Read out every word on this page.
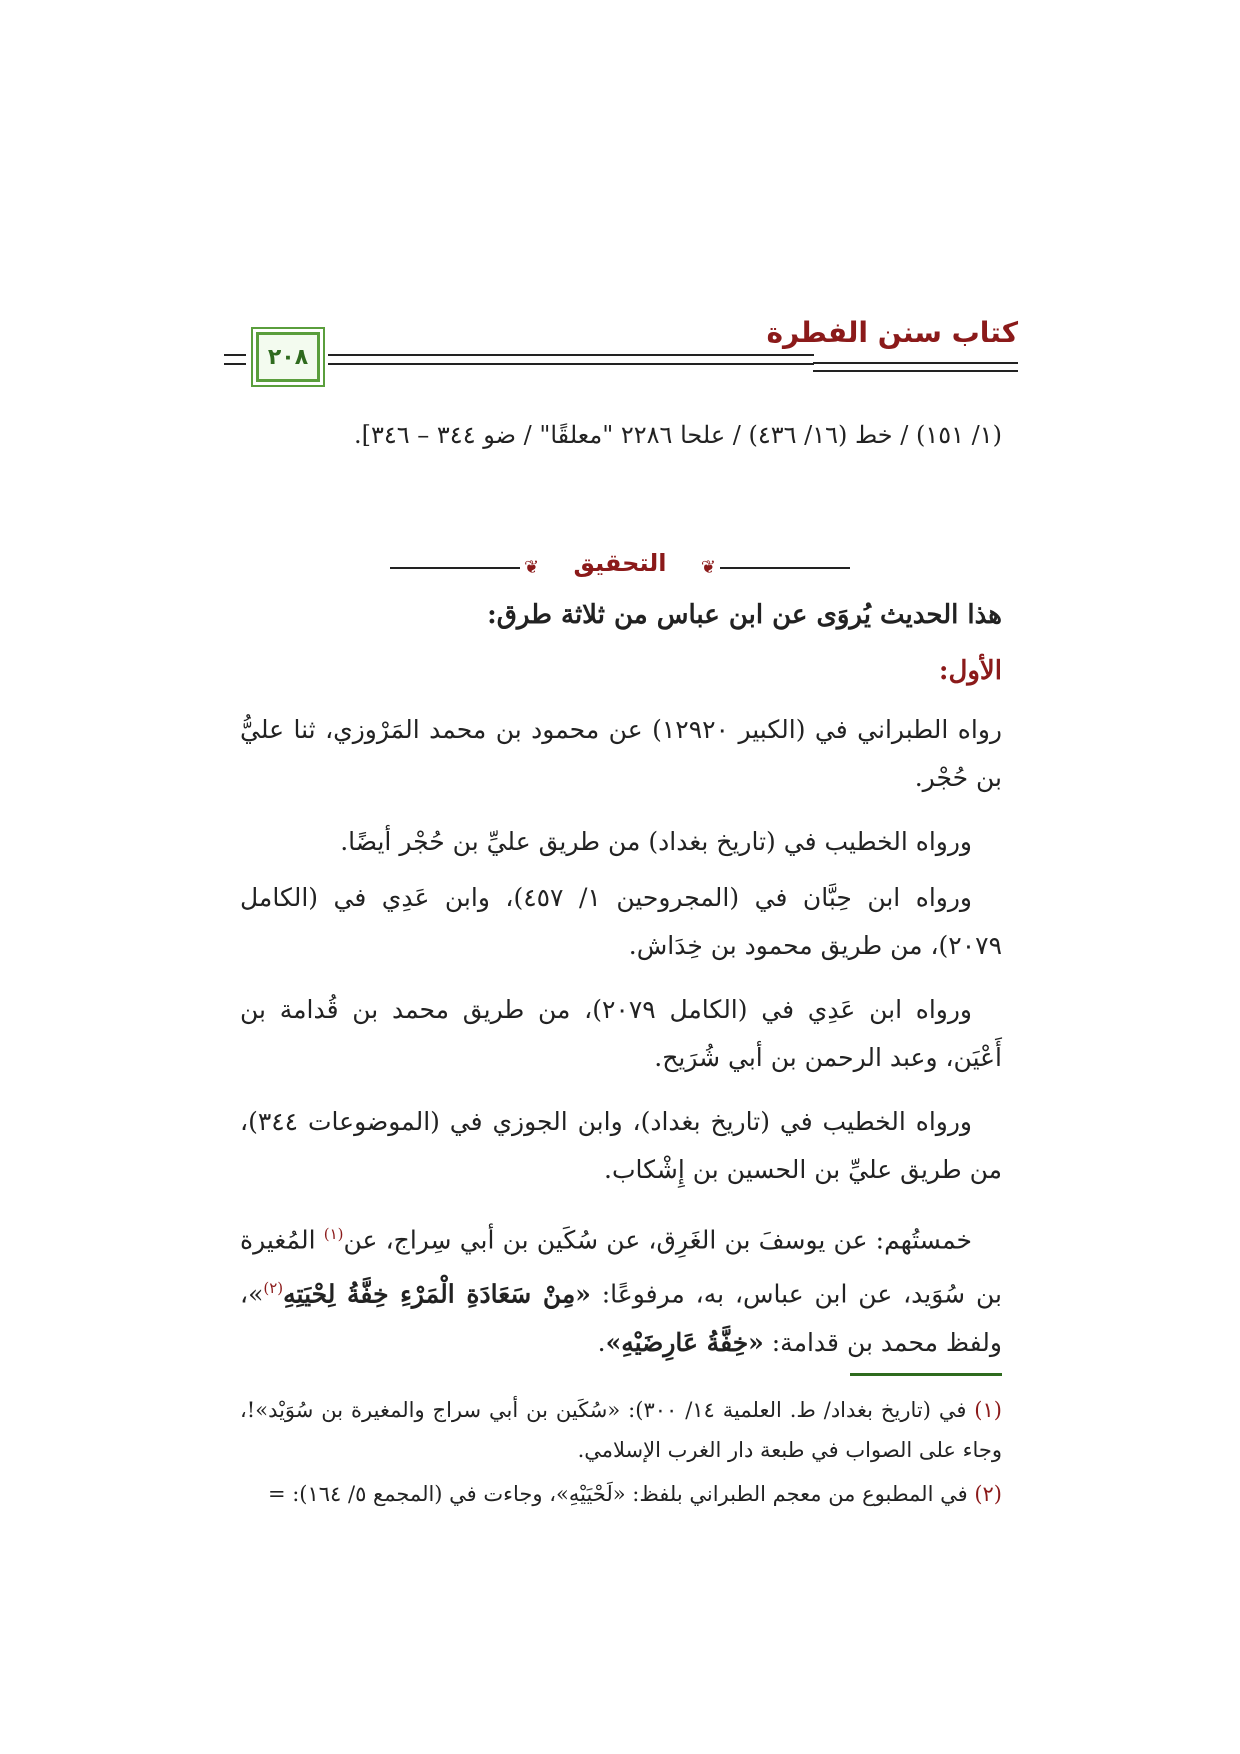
٢٠٨
كتاب سنن الفطرة
(١/ ١٥١) / خط (١٦/ ٤٣٦) / علحا ٢٢٨٦ "معلقًا" / ضو ٣٤٤ – ٣٤٦].
❦	التحقيق	❦
هذا الحديث يُروَى عن ابن عباس من ثلاثة طرق:
الأول:
رواه الطبراني في (الكبير ١٢٩٢٠) عن محمود بن محمد المَرْوزي، ثنا عليُّ بن حُجْر.
ورواه الخطيب في (تاريخ بغداد) من طريق عليِّ بن حُجْر أيضًا.
ورواه ابن حِبَّان في (المجروحين ١/ ٤٥٧)، وابن عَدِي في (الكامل ٢٠٧٩)، من طريق محمود بن خِدَاش.
ورواه ابن عَدِي في (الكامل ٢٠٧٩)، من طريق محمد بن قُدامة بن أَعْيَن، وعبد الرحمن بن أبي شُرَيح.
ورواه الخطيب في (تاريخ بغداد)، وابن الجوزي في (الموضوعات ٣٤٤)، من طريق عليِّ بن الحسين بن إِشْكاب.
خمستُهم: عن يوسفَ بن الغَرِق، عن سُكَين بن أبي سِراج، عن$^{(١)}$ المُغيرة بن سُوَيد، عن ابن عباس، به، مرفوعًا: «مِنْ سَعَادَةِ الْمَرْءِ خِفَّةُ لِحْيَتِهِ$^{(٢)}$»، ولفظ محمد بن قدامة: «خِفَّةُ عَارِضَيْهِ».
(١) في (تاريخ بغداد/ ط. العلمية ١٤/ ٣٠٠): «سُكَين بن أبي سراج والمغيرة بن سُوَيْد»!، وجاء على الصواب في طبعة دار الغرب الإسلامي.
(٢) في المطبوع من معجم الطبراني بلفظ: «لَحْيَيْهِ»، وجاءت في (المجمع ٥/ ١٦٤): =
